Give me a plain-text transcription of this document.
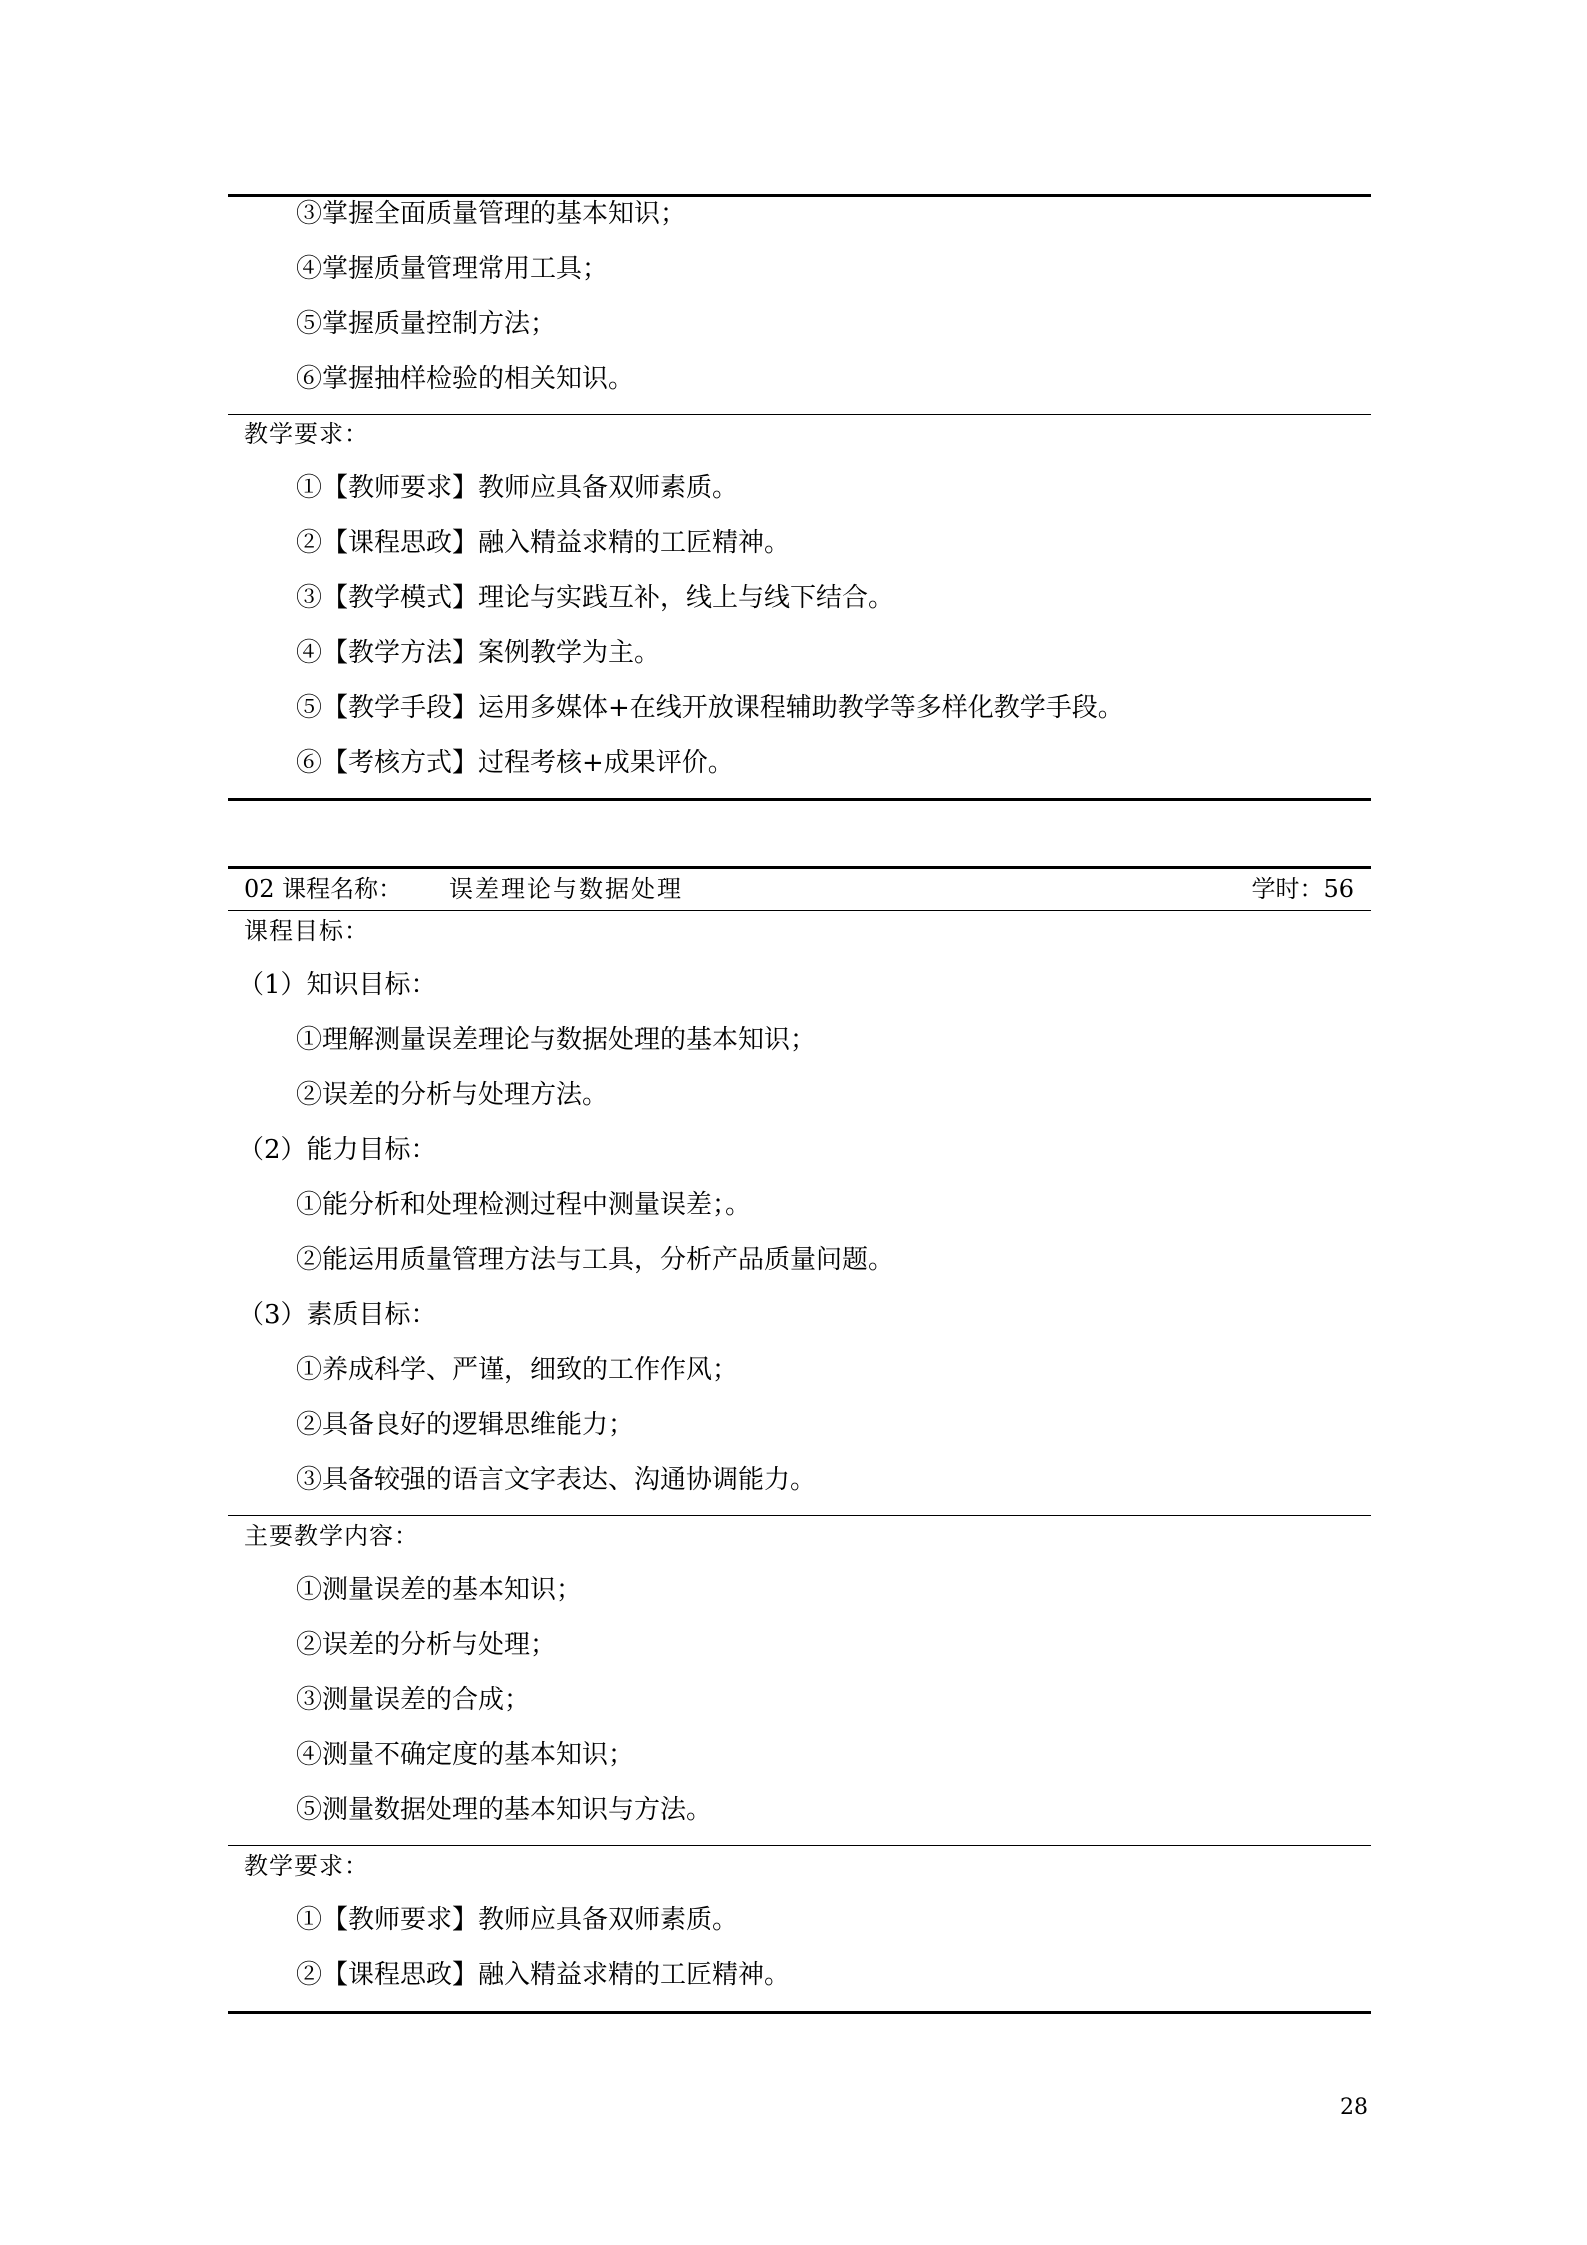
③掌握全面质量管理的基本知识；
④掌握质量管理常用工具；
⑤掌握质量控制方法；
⑥掌握抽样检验的相关知识。
教学要求：
①【教师要求】教师应具备双师素质。
②【课程思政】融入精益求精的工匠精神。
③【教学模式】理论与实践互补，线上与线下结合。
④【教学方法】案例教学为主。
⑤【教学手段】运用多媒体+在线开放课程辅助教学等多样化教学手段。
⑥【考核方式】过程考核+成果评价。
02 课程名称： 误差理论与数据处理	学时：56
课程目标：
（1）知识目标：
①理解测量误差理论与数据处理的基本知识；
②误差的分析与处理方法。
（2）能力目标：
①能分析和处理检测过程中测量误差；。
②能运用质量管理方法与工具，分析产品质量问题。
（3）素质目标：
①养成科学、严谨，细致的工作作风；
②具备良好的逻辑思维能力；
③具备较强的语言文字表达、沟通协调能力。
主要教学内容：
①测量误差的基本知识；
②误差的分析与处理；
③测量误差的合成；
④测量不确定度的基本知识；
⑤测量数据处理的基本知识与方法。
教学要求：
①【教师要求】教师应具备双师素质。
②【课程思政】融入精益求精的工匠精神。
28
